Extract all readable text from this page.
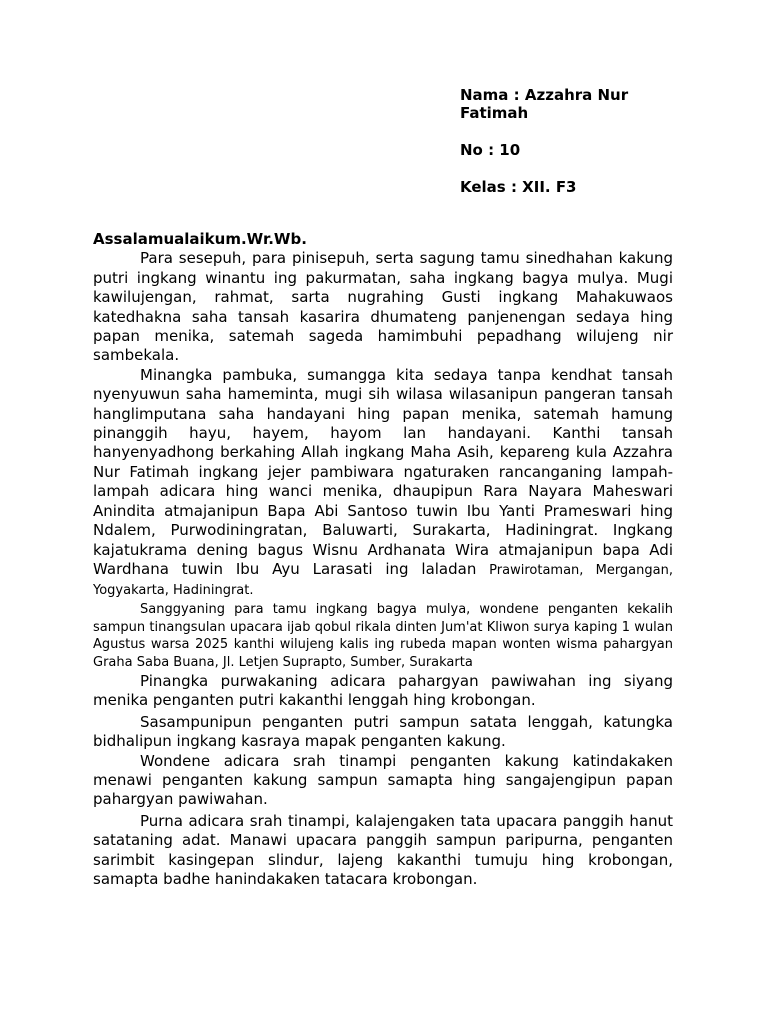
Nama : Azzahra Nur

Fatimah

No : 10

Kelas : XII. F3

Assalamualaikum.Wr.Wb.

Para sesepuh, para pinisepuh, serta sagung tamu sinedhahan kakung putri ingkang winantu ing pakurmatan, saha ingkang bagya mulya. Mugi kawilujengan, rahmat, sarta nugrahing Gusti ingkang Mahakuwaos katedhakna saha tansah kasarira dhumateng panjenengan sedaya hing papan menika, satemah sageda hamimbuhi pepadhang wilujeng nir sambekala.

Minangka pambuka, sumangga kita sedaya tanpa kendhat tansah nyenyuwun saha hameminta, mugi sih wilasa wilasanipun pangeran tansah hanglimputana saha handayani hing papan menika, satemah hamung pinanggih hayu, hayem, hayom lan handayani. Kanthi tansah hanyenyadhong berkahing Allah ingkang Maha Asih, kepareng kula Azzahra Nur Fatimah ingkang jejer pambiwara ngaturaken rancanganing lampah-lampah adicara hing wanci menika, dhaupipun Rara Nayara Maheswari Anindita atmajanipun Bapa Abi Santoso tuwin Ibu Yanti Prameswari hing Ndalem, Purwodiningratan, Baluwarti, Surakarta, Hadiningrat. Ingkang kajatukrama dening bagus Wisnu Ardhanata Wira atmajanipun bapa Adi Wardhana tuwin Ibu Ayu Larasati ing laladan Prawirotaman, Mergangan, Yogyakarta, Hadiningrat.

Sanggyaning para tamu ingkang bagya mulya, wondene penganten kekalih sampun tinangsulan upacara ijab qobul rikala dinten Jum'at Kliwon surya kaping 1 wulan Agustus warsa 2025 kanthi wilujeng kalis ing rubeda mapan wonten wisma pahargyan Graha Saba Buana, Jl. Letjen Suprapto, Sumber, Surakarta

Pinangka purwakaning adicara pahargyan pawiwahan ing siyang menika penganten putri kakanthi lenggah hing krobongan.

Sasampunipun penganten putri sampun satata lenggah, katungka bidhalipun ingkang kasraya mapak penganten kakung.

Wondene adicara srah tinampi penganten kakung katindakaken menawi penganten kakung sampun samapta hing sangajengipun papan pahargyan pawiwahan.

Purna adicara srah tinampi, kalajengaken tata upacara panggih hanut satataning adat. Manawi upacara panggih sampun paripurna, penganten sarimbit kasingepan slindur, lajeng kakanthi tumuju hing krobongan, samapta badhe hanindakaken tatacara krobongan.
